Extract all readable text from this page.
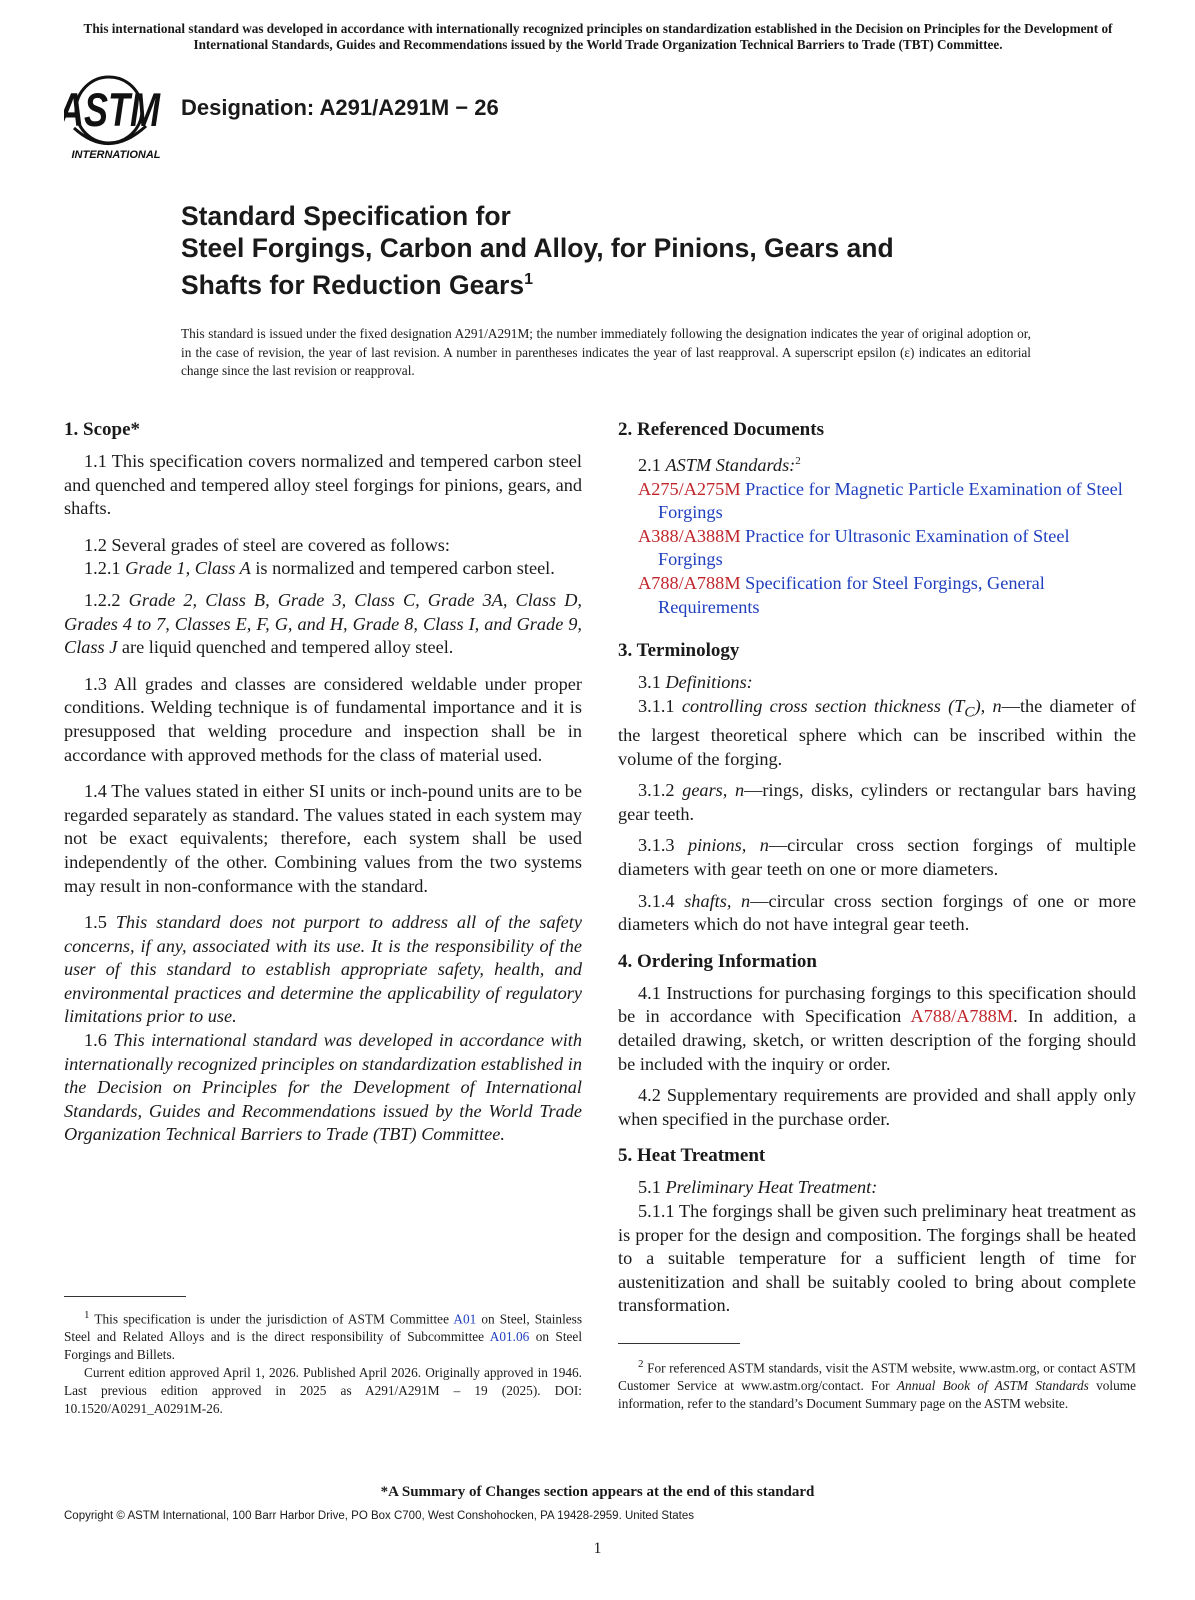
This international standard was developed in accordance with internationally recognized principles on standardization established in the Decision on Principles for the Development of International Standards, Guides and Recommendations issued by the World Trade Organization Technical Barriers to Trade (TBT) Committee.
ASTM
INTERNATIONAL
Designation: A291/A291M − 26
Standard Specification for
Steel Forgings, Carbon and Alloy, for Pinions, Gears and
Shafts for Reduction Gears$^1$
This standard is issued under the fixed designation A291/A291M; the number immediately following the designation indicates the year of original adoption or, in the case of revision, the year of last revision. A number in parentheses indicates the year of last reapproval. A superscript epsilon (ε) indicates an editorial change since the last revision or reapproval.
1. Scope*

1.1 This specification covers normalized and tempered carbon steel and quenched and tempered alloy steel forgings for pinions, gears, and shafts.

1.2 Several grades of steel are covered as follows:

1.2.1 Grade 1, Class A is normalized and tempered carbon steel.

1.2.2 Grade 2, Class B, Grade 3, Class C, Grade 3A, Class D, Grades 4 to 7, Classes E, F, G, and H, Grade 8, Class I, and Grade 9, Class J are liquid quenched and tempered alloy steel.

1.3 All grades and classes are considered weldable under proper conditions. Welding technique is of fundamental importance and it is presupposed that welding procedure and inspection shall be in accordance with approved methods for the class of material used.

1.4 The values stated in either SI units or inch-pound units are to be regarded separately as standard. The values stated in each system may not be exact equivalents; therefore, each system shall be used independently of the other. Combining values from the two systems may result in non-conformance with the standard.

1.5 This standard does not purport to address all of the safety concerns, if any, associated with its use. It is the responsibility of the user of this standard to establish appropriate safety, health, and environmental practices and determine the applicability of regulatory limitations prior to use.

1.6 This international standard was developed in accordance with internationally recognized principles on standardization established in the Decision on Principles for the Development of International Standards, Guides and Recommendations issued by the World Trade Organization Technical Barriers to Trade (TBT) Committee.

$^1$ This specification is under the jurisdiction of ASTM Committee A01 on Steel, Stainless Steel and Related Alloys and is the direct responsibility of Subcommittee A01.06 on Steel Forgings and Billets.

Current edition approved April 1, 2026. Published April 2026. Originally approved in 1946. Last previous edition approved in 2025 as A291/A291M – 19 (2025). DOI: 10.1520/A0291_A0291M-26.

2. Referenced Documents

2.1 ASTM Standards:$^2$

A275/A275M Practice for Magnetic Particle Examination of Steel Forgings
A388/A388M Practice for Ultrasonic Examination of Steel Forgings
A788/A788M Specification for Steel Forgings, General Requirements
3. Terminology

3.1 Definitions:

3.1.1 controlling cross section thickness $(T_C)$, n—the diameter of the largest theoretical sphere which can be inscribed within the volume of the forging.

3.1.2 gears, n—rings, disks, cylinders or rectangular bars having gear teeth.

3.1.3 pinions, n—circular cross section forgings of multiple diameters with gear teeth on one or more diameters.

3.1.4 shafts, n—circular cross section forgings of one or more diameters which do not have integral gear teeth.

4. Ordering Information

4.1 Instructions for purchasing forgings to this specification should be in accordance with Specification A788/A788M. In addition, a detailed drawing, sketch, or written description of the forging should be included with the inquiry or order.

4.2 Supplementary requirements are provided and shall apply only when specified in the purchase order.

5. Heat Treatment

5.1 Preliminary Heat Treatment:

5.1.1 The forgings shall be given such preliminary heat treatment as is proper for the design and composition. The forgings shall be heated to a suitable temperature for a sufficient length of time for austenitization and shall be suitably cooled to bring about complete transformation.

$^2$ For referenced ASTM standards, visit the ASTM website, www.astm.org, or contact ASTM Customer Service at www.astm.org/contact. For Annual Book of ASTM Standards volume information, refer to the standard’s Document Summary page on the ASTM website.

*A Summary of Changes section appears at the end of this standard
Copyright © ASTM International, 100 Barr Harbor Drive, PO Box C700, West Conshohocken, PA 19428-2959. United States
1
